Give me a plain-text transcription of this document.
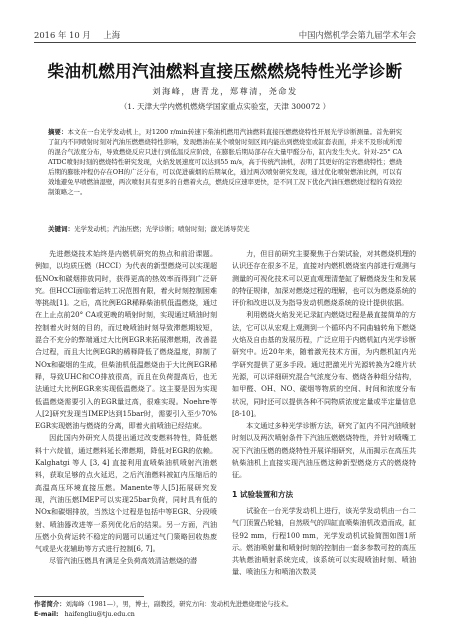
2016 年 10 月 上海	中国内燃机学会第九届学术年会
柴油机燃用汽油燃料直接压燃燃烧特性光学诊断
刘海峰，唐青龙，郑尊清，尧命发
（1. 天津大学内燃机燃烧学国家重点实验室，天津 300072 ）
摘要：本文在一台光学发动机上，对1200 r/min转速下柴油机燃用汽油燃料直接压燃燃烧特性开展光学诊断测量。首先研究了缸内不同喷射时刻对汽油压燃燃烧特性影响，发现燃油在某个喷射时刻区间内能出到燃烧室或缸套表面，并来不及形成所需的混合气浓度分布，导致燃烧反应只进行到低温反应阶段，在膨胀后期局部存在大量甲醛分布，缸内发生失火。针对-25° CA ATDC喷射时刻的燃烧特性研究发现，火焰发展速度可以达到55 m/s，高于传统汽油机，表明了其更好的定容燃烧特性；燃烧后期的膨胀冲程仍存在OH的广泛分布，可以促进碳烟的后期氧化，通过两次喷射研究发现，通过优化喷射燃油比例，可以有效地避免早喷燃油湿壁，两次喷射具有更多的自燃着火点，燃烧反应速率更快，是不同工况下优化汽油压燃燃烧过程的有效控制策略之一。
关键词：光学发动机；汽油压燃；光学诊断；喷射时刻；激光诱导荧光

先进燃烧技术始终是内燃机研究的热点和前沿课题。例如，以均质压燃（HCCI）为代表的新型燃烧可以实现超低NOx和碳烟排放同时，获得更高的热效率而得到广泛研究。但HCCI面临着运转工况范围有限，着火时刻控制困难等挑战[1]。之后，高比例EGR稀释柴油机低温燃烧，通过在上止点前20° CA或更晚的喷射时刻，实现通过喷油时刻控制着火时刻的目的，而过晚喷油时刻导致滞燃期较短，混合不充分的弊端通过大比例EGR来拓展滞燃期，改善混合过程，而且大比例EGR的稀释降低了燃烧温度，抑制了NOx和碳烟的生成，但柴油机低温燃烧由于大比例EGR稀释，导致UHC和CO排放很高，而且在负荷提高后，也无法通过大比例EGR来实现低温燃烧了。这主要是因为实现低温燃烧需要引入的EGR量过高，很难实现。Noehre等人[2]研究发现当IMEP达到15bar时，需要引入至少70% EGR实现燃油与燃烧的分离，即着火前喷油已经结束。

因此国内外研究人员提出通过改变燃料特性，降低燃料十六烷值，通过燃料延长滞燃期，降低对EGR的依赖。Kalghatgi 等人 [3, 4] 直接利用直喷柴油机喷射汽油燃料，获取足够的点火延迟，之后汽油燃料被缸内压缩后的高温高压环境直接压燃。Manente等人[5]拓展研究发现，汽油压燃IMEP可以实现25bar负荷，同时具有低的NOx和碳烟排放，当然这个过程是包括中等EGR、分段喷射、喷油器改进等一系列优化后的结果。另一方面，汽油压燃小负荷运转不稳定的问题可以通过气门策略回收热废气或是火花辅助等方式进行控制[6, 7]。

尽管汽油压燃具有满足全负荷高效清洁燃烧的潜

力，但目前研究主要聚焦于台架试验，对其燃烧机理的认识还存在很多不足，直接对内燃机燃烧室内部进行观测与测量的可视化技术可以更直观理清楚缸了解燃烧发生和发展的特征规律，加深对燃烧过程的理解，也可以为燃烧系统的评价和改进以及为指导发动机燃烧系统的设计提供依据。

利用燃烧火焰发光记录缸内燃烧过程是最直接简单的方法，它可以从宏观上观测到一个循环内不同曲轴转角下燃烧火焰及自由基的发展历程，广泛应用于内燃机缸内光学诊断研究中。近20年来，随着激光技术方面，为内燃机缸内光学研究提供了更多手段。通过把激光片光源转换为2维片状光源，可以详细研究混合气浓度分布、燃烧各种组分结构，如甲醛、OH、NO、碳烟等物质的空间、时间和浓度分布状况，同时还可以提供各种不同物质浓度定量或半定量信息 [8-10]。

本文通过多种光学诊断方法，研究了缸内不同汽油喷射时刻以及两次喷射条件下汽油压燃燃烧特性，并针对喷嘴工况下汽油压燃的燃烧特性开展详细研究，从而揭示在高压共轨柴油机上直接实现汽油压燃这种新型燃烧方式的燃烧特征。

1 试验装置和方法

试验在一台光学发动机上进行，该光学发动机由一台二气门顶置凸轮轴，自然吸气的四缸直喷柴油机改造而成，缸径92 mm，行程100 mm，光学发动机试验简图如图1所示。燃油喷射量和喷射时刻的控制由一套多参数可控的高压共轨燃油喷射系统完成，该系统可以实现喷油时刻、喷油量、喷油压力和喷油次数灵

作者简介：刘海峰（1981—），男，博士，副教授，研究方向：发动机先进燃烧理论与技术。
E-mail: haifengliu@tju.edu.cn
